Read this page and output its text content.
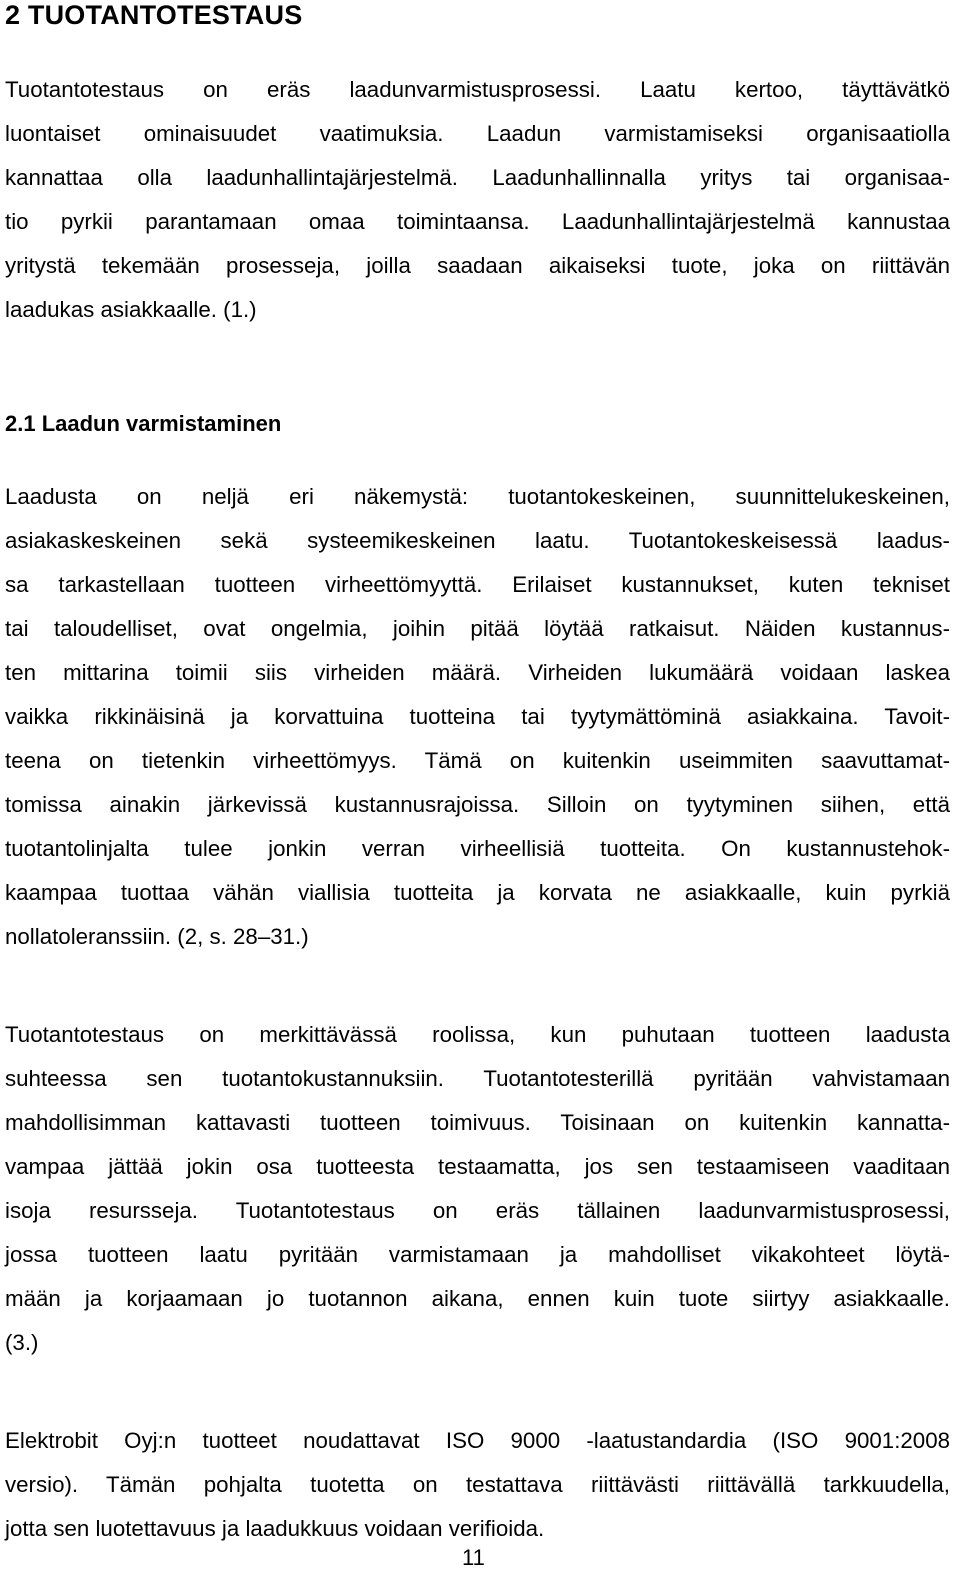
2 TUOTANTOTESTAUS
Tuotantotestaus on eräs laadunvarmistusprosessi. Laatu kertoo, täyttävätkö
luontaiset ominaisuudet vaatimuksia. Laadun varmistamiseksi organisaatiolla
kannattaa olla laadunhallintajärjestelmä. Laadunhallinnalla yritys tai organisaa-
tio pyrkii parantamaan omaa toimintaansa. Laadunhallintajärjestelmä kannustaa
yritystä tekemään prosesseja, joilla saadaan aikaiseksi tuote, joka on riittävän
laadukas asiakkaalle. (1.)
2.1 Laadun varmistaminen
Laadusta on neljä eri näkemystä: tuotantokeskeinen, suunnittelukeskeinen,
asiakaskeskeinen sekä systeemikeskeinen laatu. Tuotantokeskeisessä laadus-
sa tarkastellaan tuotteen virheettömyyttä. Erilaiset kustannukset, kuten tekniset
tai taloudelliset, ovat ongelmia, joihin pitää löytää ratkaisut. Näiden kustannus-
ten mittarina toimii siis virheiden määrä. Virheiden lukumäärä voidaan laskea
vaikka rikkinäisinä ja korvattuina tuotteina tai tyytymättöminä asiakkaina. Tavoit-
teena on tietenkin virheettömyys. Tämä on kuitenkin useimmiten saavuttamat-
tomissa ainakin järkevissä kustannusrajoissa. Silloin on tyytyminen siihen, että
tuotantolinjalta tulee jonkin verran virheellisiä tuotteita. On kustannustehok-
kaampaa tuottaa vähän viallisia tuotteita ja korvata ne asiakkaalle, kuin pyrkiä
nollatoleranssiin. (2, s. 28–31.)
Tuotantotestaus on merkittävässä roolissa, kun puhutaan tuotteen laadusta
suhteessa sen tuotantokustannuksiin. Tuotantotesterillä pyritään vahvistamaan
mahdollisimman kattavasti tuotteen toimivuus. Toisinaan on kuitenkin kannatta-
vampaa jättää jokin osa tuotteesta testaamatta, jos sen testaamiseen vaaditaan
isoja resursseja. Tuotantotestaus on eräs tällainen laadunvarmistusprosessi,
jossa tuotteen laatu pyritään varmistamaan ja mahdolliset vikakohteet löytä-
mään ja korjaamaan jo tuotannon aikana, ennen kuin tuote siirtyy asiakkaalle.
(3.)
Elektrobit Oyj:n tuotteet noudattavat ISO 9000 -laatustandardia (ISO 9001:2008
versio). Tämän pohjalta tuotetta on testattava riittävästi riittävällä tarkkuudella,
jotta sen luotettavuus ja laadukkuus voidaan verifioida.
11
